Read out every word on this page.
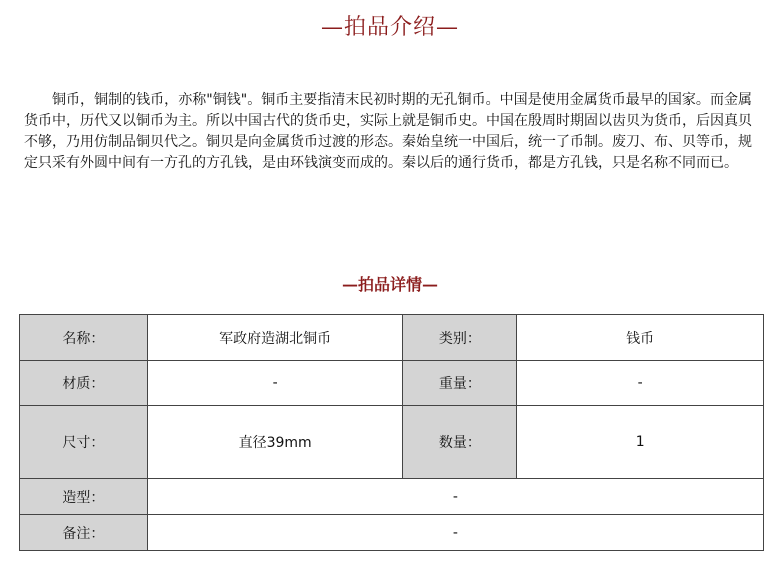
—拍品介绍—

铜币，铜制的钱币，亦称"铜钱"。铜币主要指清末民初时期的无孔铜币。中国是使用金属货币最早的国家。而金属货币中，历代又以铜币为主。所以中国古代的货币史，实际上就是铜币史。中国在殷周时期固以齿贝为货币，后因真贝不够，乃用仿制品铜贝代之。铜贝是向金属货币过渡的形态。秦始皇统一中国后，统一了币制。废刀、布、贝等币，规定只采有外圆中间有一方孔的方孔钱，是由环钱演变而成的。秦以后的通行货币，都是方孔钱，只是名称不同而已。

—拍品详情—
名称：	军政府造湖北铜币	类别：	钱币
材质：	-	重量：	-
尺寸：	直径39mm	数量：	1
造型：	-		
备注：	-		
